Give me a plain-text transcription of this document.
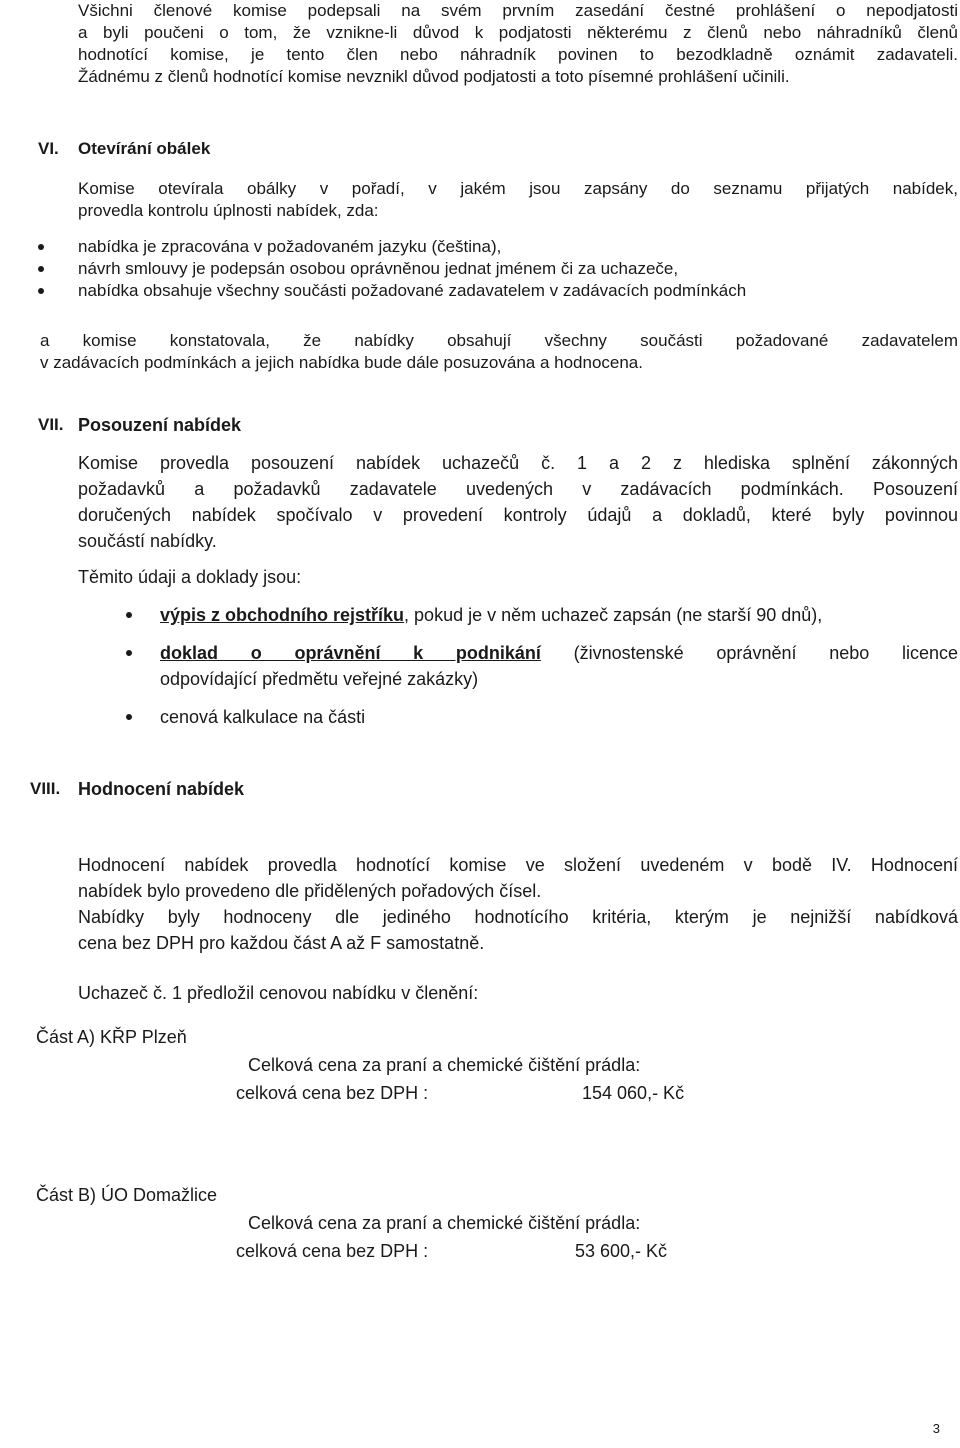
Všichni členové komise podepsali na svém prvním zasedání čestné prohlášení o nepodjatosti
a byli poučeni o tom, že vznikne-li důvod k podjatosti některému z členů nebo náhradníků členů
hodnotící komise, je tento člen nebo náhradník povinen to bezodkladně oznámit zadavateli.
Žádnému z členů hodnotící komise nevznikl důvod podjatosti a toto písemné prohlášení učinili.
VI. Otevírání obálek
Komise otevírala obálky v pořadí, v jakém jsou zapsány do seznamu přijatých nabídek,
provedla kontrolu úplnosti nabídek, zda:
nabídka je zpracována v požadovaném jazyku (čeština),
návrh smlouvy je podepsán osobou oprávněnou jednat jménem či za uchazeče,
nabídka obsahuje všechny součásti požadované zadavatelem v zadávacích podmínkách
a komise konstatovala, že nabídky obsahují všechny součásti požadované zadavatelem
v zadávacích podmínkách a jejich nabídka bude dále posuzována a hodnocena.
VII. Posouzení nabídek
Komise provedla posouzení nabídek uchazečů č. 1 a 2 z hlediska splnění zákonných
požadavků a požadavků zadavatele uvedených v zadávacích podmínkách. Posouzení
doručených nabídek spočívalo v provedení kontroly údajů a dokladů, které byly povinnou
součástí nabídky.
Těmito údaji a doklady jsou:
výpis z obchodního rejstříku, pokud je v něm uchazeč zapsán (ne starší 90 dnů),
doklad o oprávnění k podnikání (živnostenské oprávnění nebo licence
odpovídající předmětu veřejné zakázky)
cenová kalkulace na části
VIII. Hodnocení nabídek
Hodnocení nabídek provedla hodnotící komise ve složení uvedeném v bodě IV. Hodnocení
nabídek bylo provedeno dle přidělených pořadových čísel.
Nabídky byly hodnoceny dle jediného hodnotícího kritéria, kterým je nejnižší nabídková
cena bez DPH pro každou část A až F samostatně.
Uchazeč č. 1 předložil cenovou nabídku v členění:
Část A) KŘP Plzeň
Celková cena za praní a chemické čištění prádla:
celková cena bez DPH :	154 060,- Kč
Část B) ÚO Domažlice
Celková cena za praní a chemické čištění prádla:
celková cena bez DPH :	53 600,- Kč
3
